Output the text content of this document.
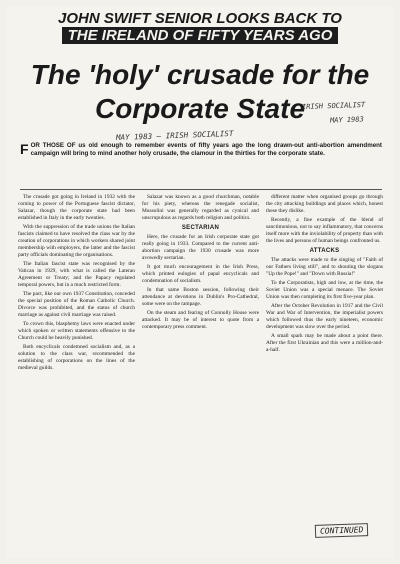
JOHN SWIFT SENIOR LOOKS BACK TO
THE IRELAND OF FIFTY YEARS AGO
The 'holy' crusade for the Corporate State
IRISH SOCIALIST
MAY 1983
MAY 1983 – IRISH SOCIALIST
FOR THOSE OF us old enough to remember events of fifty years ago the long drawn-out anti-abortion amendment campaign will bring to mind another holy crusade, the clamour in the thirties for the corporate state.

The crusade got going in Ireland in 1932 with the coming to power of the Portuguese fascist dictator, Salazar, though the corporate state had been established in Italy in the early twenties.

With the suppression of the trade unions the Italian fascists claimed to have resolved the class war by the creation of corporations in which workers shared joint membership with employers, the latter and the fascist party officials dominating the organisations.

The Italian fascist state was recognised by the Vatican in 1929, with what is called the Lateran Agreement or Treaty; and the Papacy regulated temporal powers, but in a much restricted form.

The pact, like our own 1937 Constitution, conceded the special position of the Roman Catholic Church. Divorce was prohibited, and the status of church marriage as against civil marriage was raised.

To crown this, blasphemy laws were enacted under which spoken or written statements offensive to the Church could be heavily punished.

Both encyclicals condemned socialism and, as a solution to the class war, recommended the establishing of corporations on the lines of the medieval guilds.

Salazar was known as a good churchman, notable for his piety, whereas the renegade socialist, Mussolini was generally regarded as cynical and unscrupulous as regards both religion and politics.

SECTARIAN

Here, the crusade for an Irish corporate state got really going in 1933. Compared to the current anti-abortion campaign the 1930 crusade was more avowedly sectarian.

It got much encouragement in the Irish Press, which printed eulogies of papal encyclicals and condemnation of socialism.

In that same Boston session, following their attendance at devotions in Dublin's Pro-Cathedral, some were on the rampage.

On the steam and fearing of Connolly House were attacked. It may be of interest to quote from a contemporary press comment.

different matter when organised groups go through the city attacking buildings and places which, honest these they dislike.

Recently, a fine example of the blend of sanctimonious, not to say inflammatory, that concerns itself more with the inviolability of property than with the lives and persons of human beings confronted us.

ATTACKS

The attacks were made to the singing of "Faith of our Fathers living still", and to shouting the slogans "Up the Pope!" and "Down with Russia!"

To the Corporatists, high and low, at the time, the Soviet Union was a special menace. The Soviet Union was then completing its first five-year plan.

After the October Revolution in 1917 and the Civil War and War of Intervention, the imperialist powers which followed thus the early nineteen, economic development was slow over the period.

A small spark may be made about a point there. After the first Ukrainian and this were a million-and-a-half.

CONTINUED
